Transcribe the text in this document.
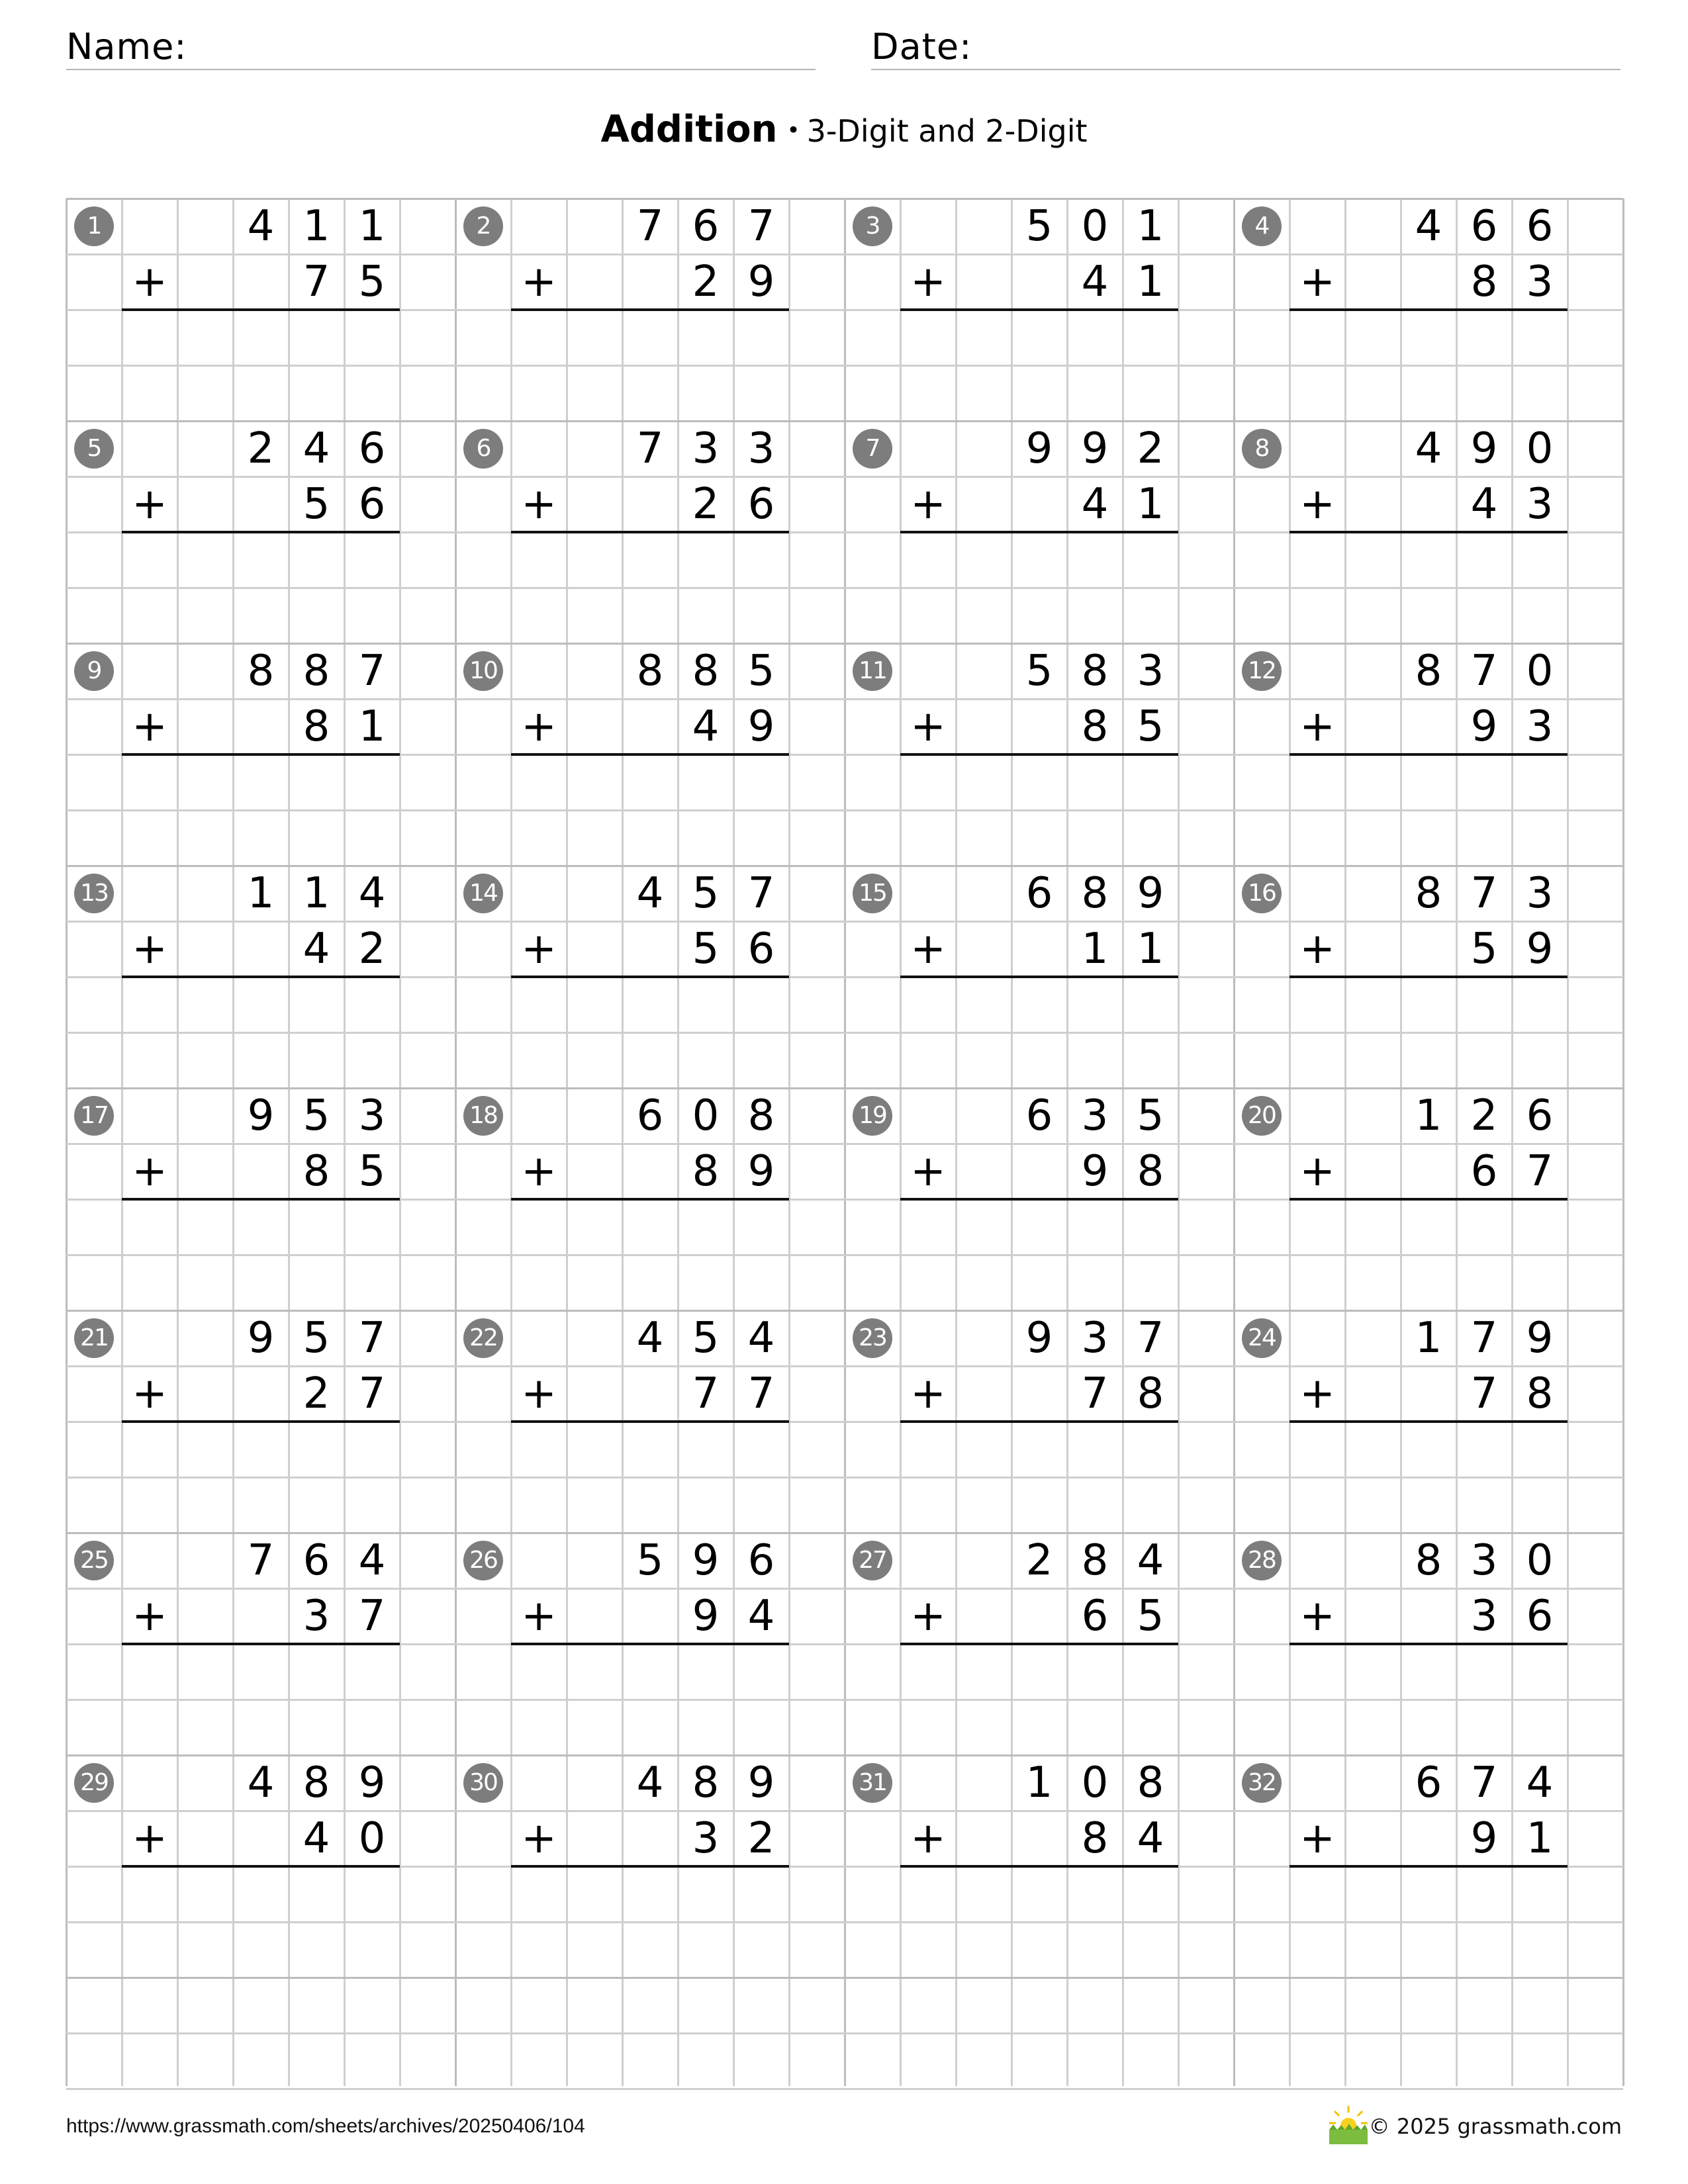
Name:	Date:
Addition • 3-Digit and 2-Digit
1	4 1 1
+	7 5
2	7 6 7
+	2 9
3	5 0 1
+	4 1
4	4 6 6
+	8 3
5	2 4 6
+	5 6
6	7 3 3
+	2 6
7	9 9 2
+	4 1
8	4 9 0
+	4 3
9	8 8 7
+	8 1
10	8 8 5
+	4 9
11	5 8 3
+	8 5
12	8 7 0
+	9 3
13	1 1 4
+	4 2
14	4 5 7
+	5 6
15	6 8 9
+	1 1
16	8 7 3
+	5 9
17	9 5 3
+	8 5
18	6 0 8
+	8 9
19	6 3 5
+	9 8
20	1 2 6
+	6 7
21	9 5 7
+	2 7
22	4 5 4
+	7 7
23	9 3 7
+	7 8
24	1 7 9
+	7 8
25	7 6 4
+	3 7
26	5 9 6
+	9 4
27	2 8 4
+	6 5
28	8 3 0
+	3 6
29	4 8 9
+	4 0
30	4 8 9
+	3 2
31	1 0 8
+	8 4
32	6 7 4
+	9 1
https://www.grassmath.com/sheets/archives/20250406/104	© 2025 grassmath.com
